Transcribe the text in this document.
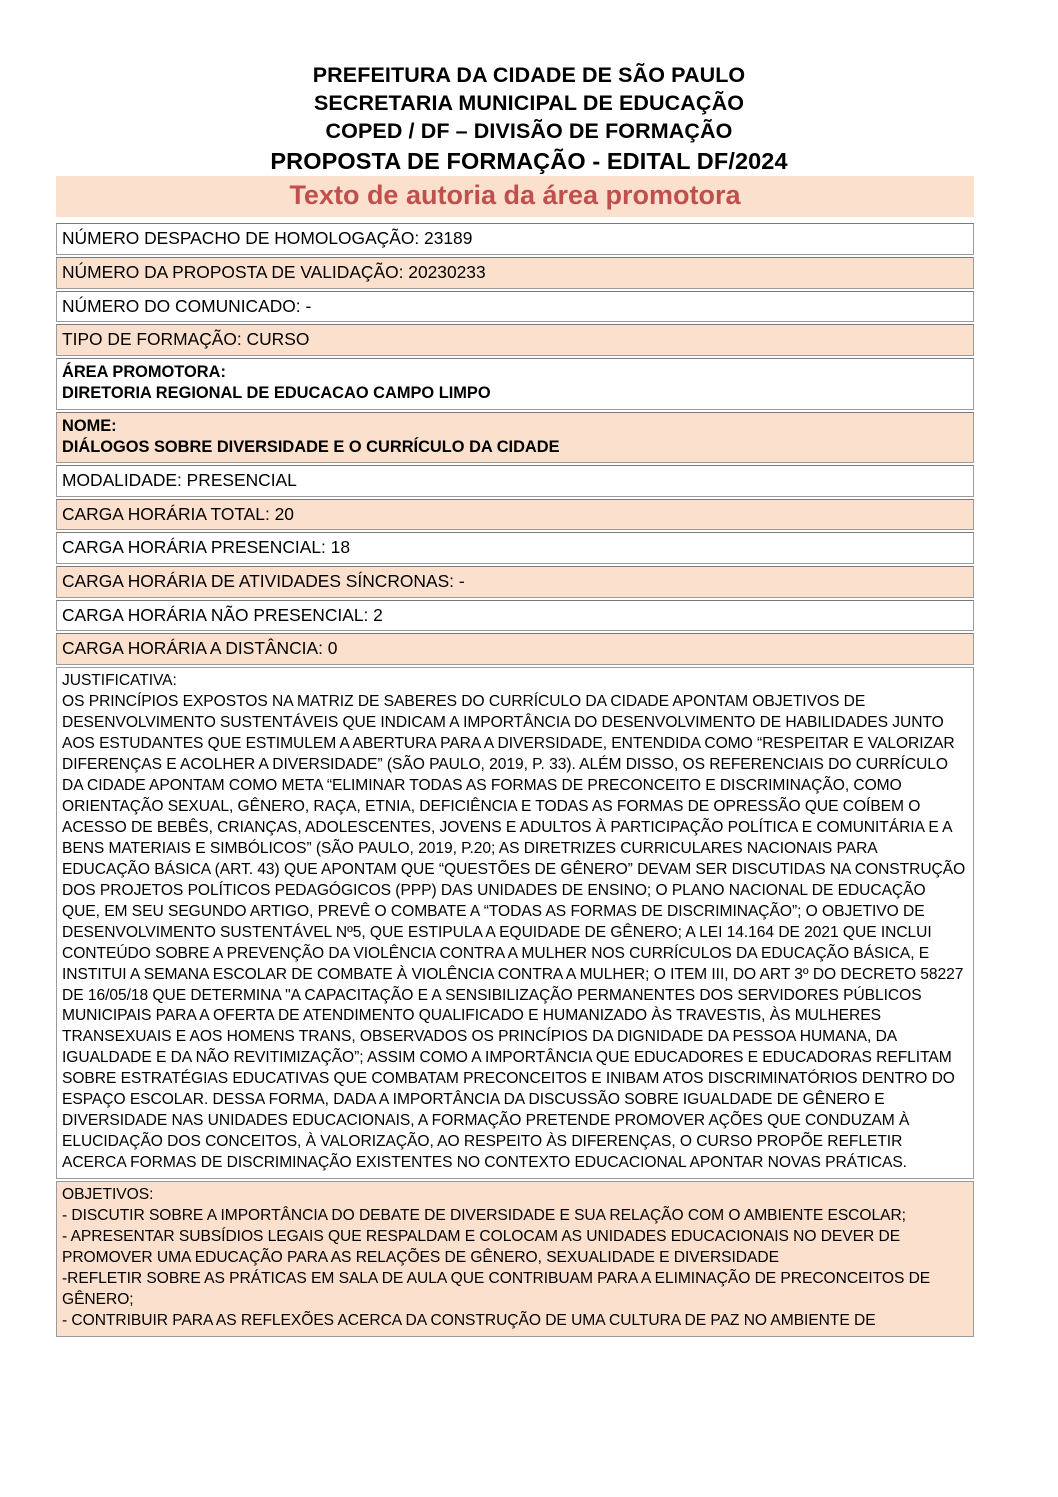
PREFEITURA DA CIDADE DE SÃO PAULO
SECRETARIA MUNICIPAL DE EDUCAÇÃO
COPED / DF – DIVISÃO DE FORMAÇÃO
PROPOSTA DE FORMAÇÃO - EDITAL DF/2024
Texto de autoria da área promotora
NÚMERO DESPACHO DE HOMOLOGAÇÃO: 23189
NÚMERO DA PROPOSTA DE VALIDAÇÃO: 20230233
NÚMERO DO COMUNICADO: -
TIPO DE FORMAÇÃO: CURSO
ÁREA PROMOTORA:
DIRETORIA REGIONAL DE EDUCACAO CAMPO LIMPO
NOME:
DIÁLOGOS SOBRE DIVERSIDADE E O CURRÍCULO DA CIDADE
MODALIDADE: PRESENCIAL
CARGA HORÁRIA TOTAL: 20
CARGA HORÁRIA PRESENCIAL: 18
CARGA HORÁRIA DE ATIVIDADES SÍNCRONAS: -
CARGA HORÁRIA NÃO PRESENCIAL: 2
CARGA HORÁRIA A DISTÂNCIA: 0
JUSTIFICATIVA:
OS PRINCÍPIOS EXPOSTOS NA MATRIZ DE SABERES DO CURRÍCULO DA CIDADE APONTAM OBJETIVOS DE DESENVOLVIMENTO SUSTENTÁVEIS QUE INDICAM A IMPORTÂNCIA DO DESENVOLVIMENTO DE HABILIDADES JUNTO AOS ESTUDANTES QUE ESTIMULEM A ABERTURA PARA A DIVERSIDADE, ENTENDIDA COMO “RESPEITAR E VALORIZAR DIFERENÇAS E ACOLHER A DIVERSIDADE” (SÃO PAULO, 2019, P. 33). ALÉM DISSO, OS REFERENCIAIS DO CURRÍCULO DA CIDADE APONTAM COMO META “ELIMINAR TODAS AS FORMAS DE PRECONCEITO E DISCRIMINAÇÃO, COMO ORIENTAÇÃO SEXUAL, GÊNERO, RAÇA, ETNIA, DEFICIÊNCIA E TODAS AS FORMAS DE OPRESSÃO QUE COÍBEM O ACESSO DE BEBÊS, CRIANÇAS, ADOLESCENTES, JOVENS E ADULTOS À PARTICIPAÇÃO POLÍTICA E COMUNITÁRIA E A BENS MATERIAIS E SIMBÓLICOS” (SÃO PAULO, 2019, P.20; AS DIRETRIZES CURRICULARES NACIONAIS PARA EDUCAÇÃO BÁSICA (ART. 43) QUE APONTAM QUE “QUESTÕES DE GÊNERO” DEVAM SER DISCUTIDAS NA CONSTRUÇÃO DOS PROJETOS POLÍTICOS PEDAGÓGICOS (PPP) DAS UNIDADES DE ENSINO; O PLANO NACIONAL DE EDUCAÇÃO QUE, EM SEU SEGUNDO ARTIGO, PREVÊ O COMBATE A “TODAS AS FORMAS DE DISCRIMINAÇÃO”; O OBJETIVO DE DESENVOLVIMENTO SUSTENTÁVEL Nº5, QUE ESTIPULA A EQUIDADE DE GÊNERO; A LEI 14.164 DE 2021 QUE INCLUI CONTEÚDO SOBRE A PREVENÇÃO DA VIOLÊNCIA CONTRA A MULHER NOS CURRÍCULOS DA EDUCAÇÃO BÁSICA, E INSTITUI A SEMANA ESCOLAR DE COMBATE À VIOLÊNCIA CONTRA A MULHER; O ITEM III, DO ART 3º DO DECRETO 58227 DE 16/05/18 QUE DETERMINA "A CAPACITAÇÃO E A SENSIBILIZAÇÃO PERMANENTES DOS SERVIDORES PÚBLICOS MUNICIPAIS PARA A OFERTA DE ATENDIMENTO QUALIFICADO E HUMANIZADO ÀS TRAVESTIS, ÀS MULHERES TRANSEXUAIS E AOS HOMENS TRANS, OBSERVADOS OS PRINCÍPIOS DA DIGNIDADE DA PESSOA HUMANA, DA IGUALDADE E DA NÃO REVITIMIZAÇÃO”; ASSIM COMO A IMPORTÂNCIA QUE EDUCADORES E EDUCADORAS REFLITAM SOBRE ESTRATÉGIAS EDUCATIVAS QUE COMBATAM PRECONCEITOS E INIBAM ATOS DISCRIMINATÓRIOS DENTRO DO ESPAÇO ESCOLAR. DESSA FORMA, DADA A IMPORTÂNCIA DA DISCUSSÃO SOBRE IGUALDADE DE GÊNERO E DIVERSIDADE NAS UNIDADES EDUCACIONAIS, A FORMAÇÃO PRETENDE PROMOVER AÇÕES QUE CONDUZAM À ELUCIDAÇÃO DOS CONCEITOS, À VALORIZAÇÃO, AO RESPEITO ÀS DIFERENÇAS, O CURSO PROPÕE REFLETIR ACERCA FORMAS DE DISCRIMINAÇÃO EXISTENTES NO CONTEXTO EDUCACIONAL APONTAR NOVAS PRÁTICAS.
OBJETIVOS:
- DISCUTIR SOBRE A IMPORTÂNCIA DO DEBATE DE DIVERSIDADE E SUA RELAÇÃO COM O AMBIENTE ESCOLAR;
- APRESENTAR SUBSÍDIOS LEGAIS QUE RESPALDAM E COLOCAM AS UNIDADES EDUCACIONAIS NO DEVER DE PROMOVER UMA EDUCAÇÃO PARA AS RELAÇÕES DE GÊNERO, SEXUALIDADE E DIVERSIDADE
-REFLETIR SOBRE AS PRÁTICAS EM SALA DE AULA QUE CONTRIBUAM PARA A ELIMINAÇÃO DE PRECONCEITOS DE GÊNERO;
- CONTRIBUIR PARA AS REFLEXÕES ACERCA DA CONSTRUÇÃO DE UMA CULTURA DE PAZ NO AMBIENTE DE
